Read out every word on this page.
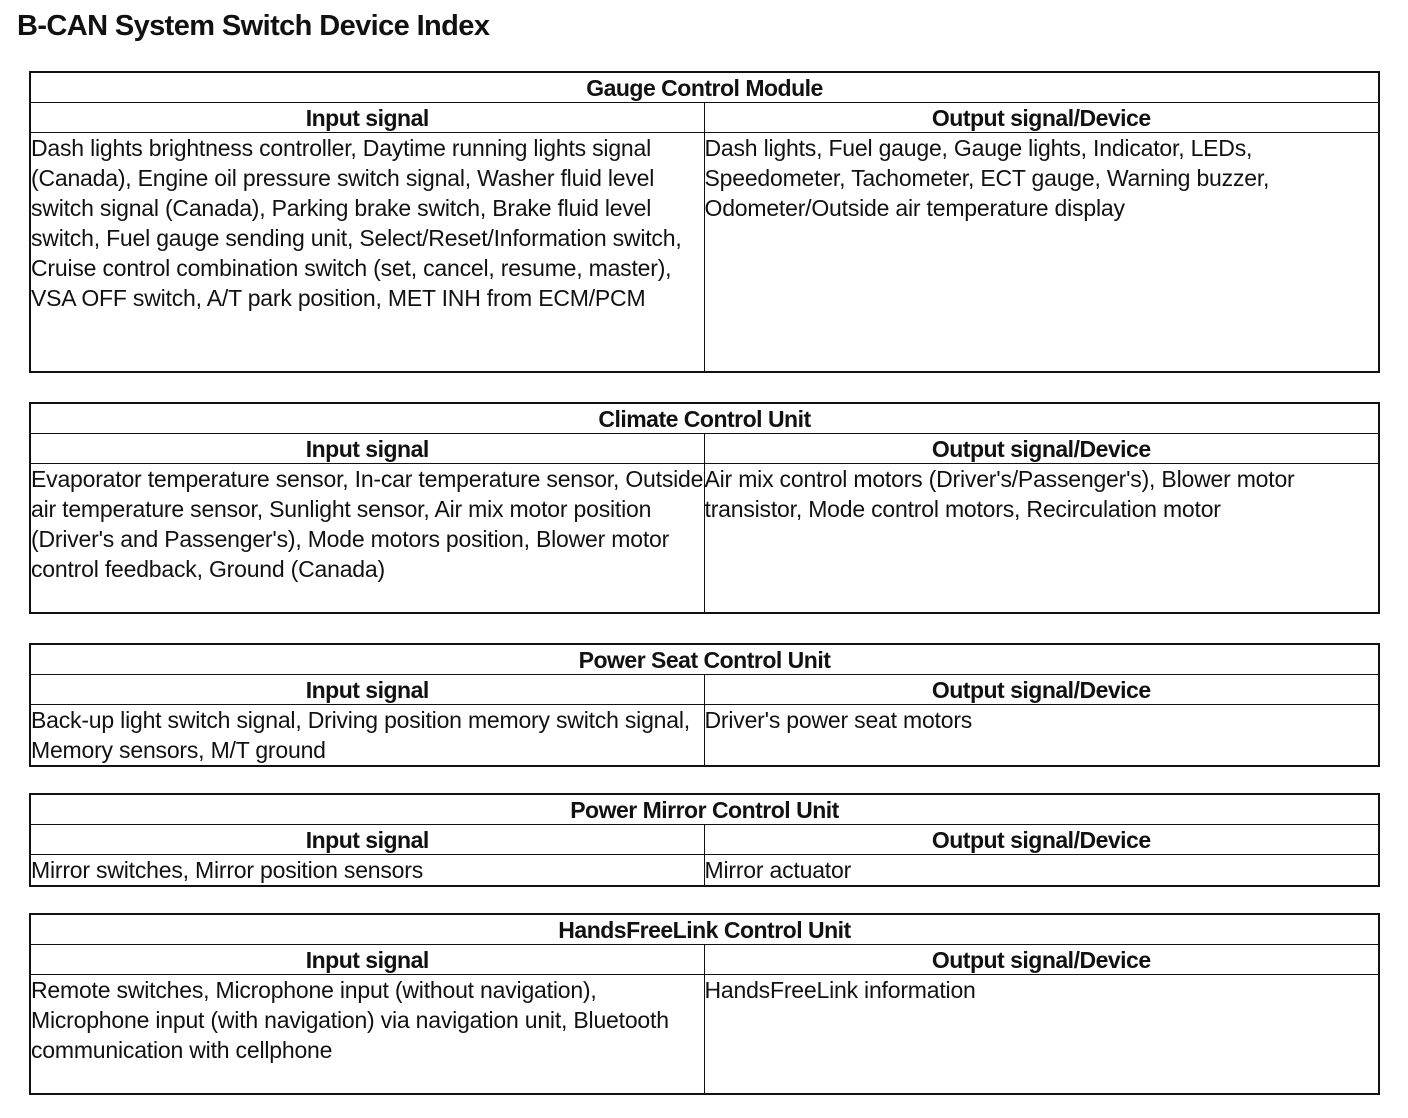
B-CAN System Switch Device Index
Gauge Control Module	
Input signal	Output signal/Device
Dash lights brightness controller, Daytime running lights signal (Canada), Engine oil pressure switch signal, Washer fluid level switch signal (Canada), Parking brake switch, Brake fluid level switch, Fuel gauge sending unit, Select/Reset/Information switch, Cruise control combination switch (set, cancel, resume, master), VSA OFF switch, A/T park position, MET INH from ECM/PCM	Dash lights, Fuel gauge, Gauge lights, Indicator, LEDs, Speedometer, Tachometer, ECT gauge, Warning buzzer, Odometer/Outside air temperature display
Climate Control Unit	
Input signal	Output signal/Device
Evaporator temperature sensor, In-car temperature sensor, Outside air temperature sensor, Sunlight sensor, Air mix motor position (Driver's and Passenger's), Mode motors position, Blower motor control feedback, Ground (Canada)	Air mix control motors (Driver's/Passenger's), Blower motor transistor, Mode control motors, Recirculation motor
Power Seat Control Unit	
Input signal	Output signal/Device
Back-up light switch signal, Driving position memory switch signal, Memory sensors, M/T ground	Driver's power seat motors
Power Mirror Control Unit	
Input signal	Output signal/Device
Mirror switches, Mirror position sensors	Mirror actuator
HandsFreeLink Control Unit	
Input signal	Output signal/Device
Remote switches, Microphone input (without navigation), Microphone input (with navigation) via navigation unit, Bluetooth communication with cellphone	HandsFreeLink information
